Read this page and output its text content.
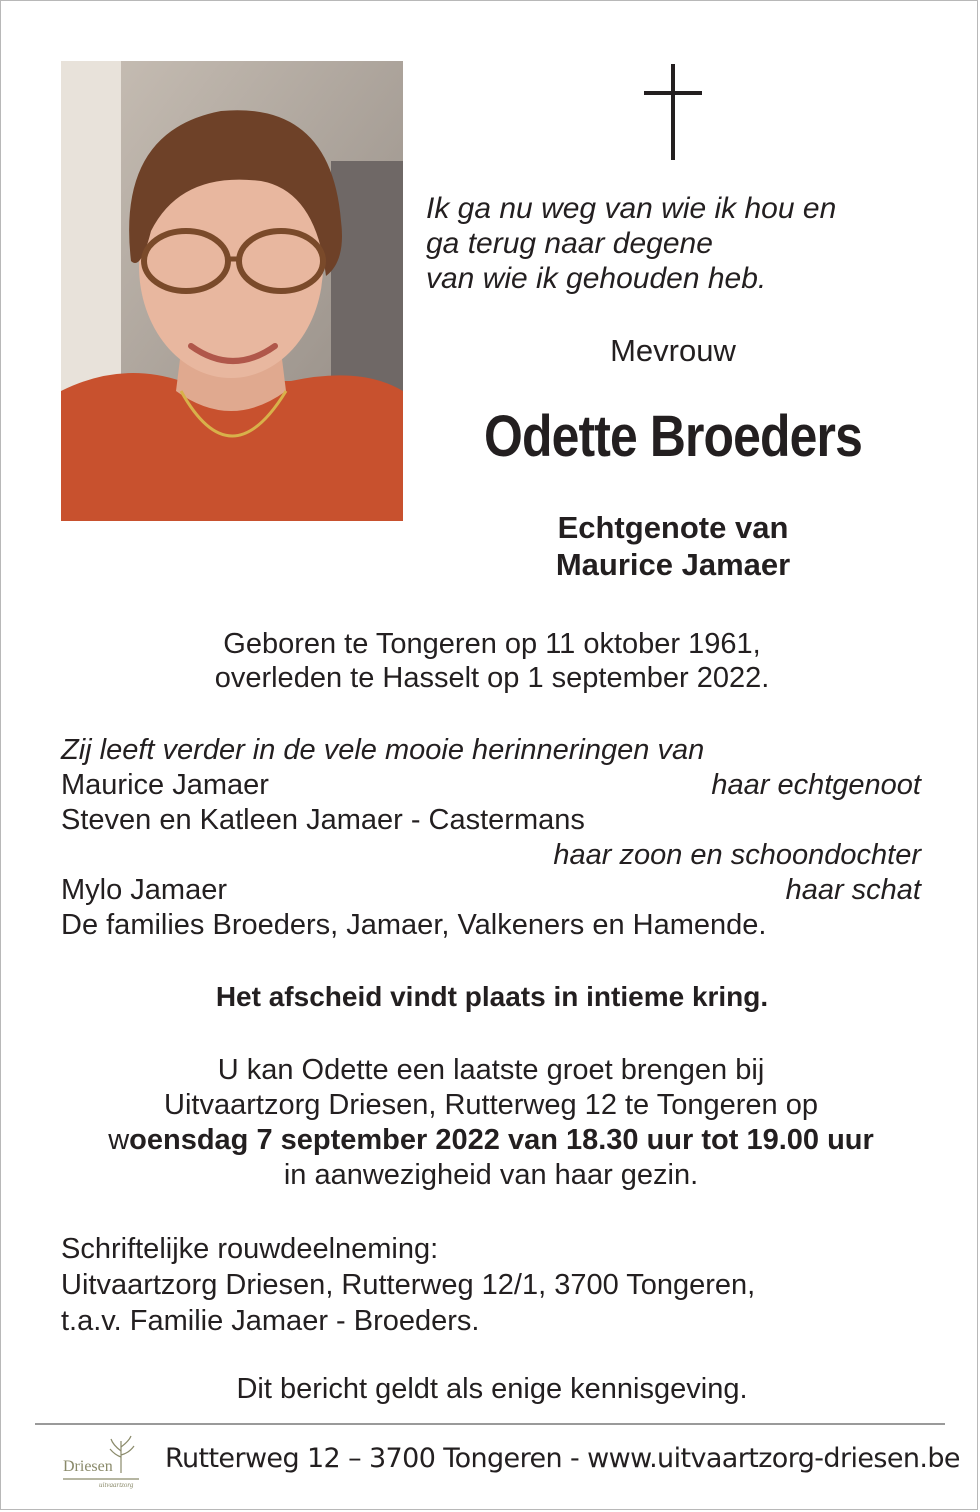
Ik ga nu weg van wie ik hou en
ga terug naar degene
van wie ik gehouden heb.
Mevrouw
Odette Broeders
Echtgenote van
Maurice Jamaer
Geboren te Tongeren op 11 oktober 1961,
overleden te Hasselt op 1 september 2022.
Zij leeft verder in de vele mooie herinneringen van
Maurice Jamaer	haar echtgenoot
Steven en Katleen Jamaer - Castermans
haar zoon en schoondochter
Mylo Jamaer	haar schat
De families Broeders, Jamaer, Valkeners en Hamende.
Het afscheid vindt plaats in intieme kring.
U kan Odette een laatste groet brengen bij
Uitvaartzorg Driesen, Rutterweg 12 te Tongeren op
woensdag 7 september 2022 van 18.30 uur tot 19.00 uur
in aanwezigheid van haar gezin.
Schriftelijke rouwdeelneming:
Uitvaartzorg Driesen, Rutterweg 12/1, 3700 Tongeren,
t.a.v. Familie Jamaer - Broeders.
Dit bericht geldt als enige kennisgeving.
Driesen
uitvaartzorg
Rutterweg 12 – 3700 Tongeren - www.uitvaartzorg-driesen.be
